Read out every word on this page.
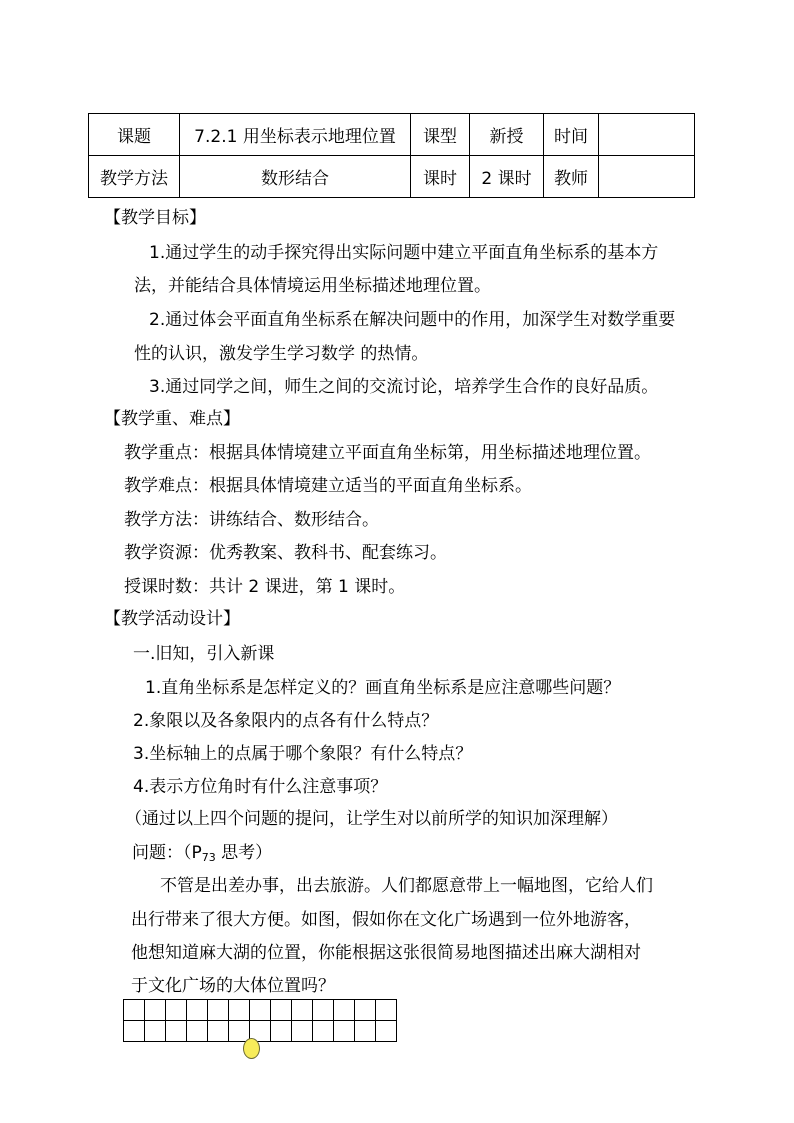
课题	7.2.1 用坐标表示地理位置	课型	新授	时间	
教学方法	数形结合	课时	2 课时	教师	
【教学目标】
1.通过学生的动手探究得出实际问题中建立平面直角坐标系的基本方
法，并能结合具体情境运用坐标描述地理位置。
2.通过体会平面直角坐标系在解决问题中的作用，加深学生对数学重要
性的认识，激发学生学习数学 的热情。
3.通过同学之间，师生之间的交流讨论，培养学生合作的良好品质。
【教学重、难点】
教学重点：根据具体情境建立平面直角坐标第，用坐标描述地理位置。
教学难点：根据具体情境建立适当的平面直角坐标系。
教学方法：讲练结合、数形结合。
教学资源：优秀教案、教科书、配套练习。
授课时数：共计 2 课进，第 1 课时。
【教学活动设计】
一.旧知，引入新课
1.直角坐标系是怎样定义的？画直角坐标系是应注意哪些问题？
2.象限以及各象限内的点各有什么特点？
3.坐标轴上的点属于哪个象限？有什么特点？
4.表示方位角时有什么注意事项？
（通过以上四个问题的提问，让学生对以前所学的知识加深理解）
问题：（$P_{73}$ 思考）
不管是出差办事，出去旅游。人们都愿意带上一幅地图，它给人们
出行带来了很大方便。如图，假如你在文化广场遇到一位外地游客，
他想知道麻大湖的位置，你能根据这张很简易地图描述出麻大湖相对
于文化广场的大体位置吗？
